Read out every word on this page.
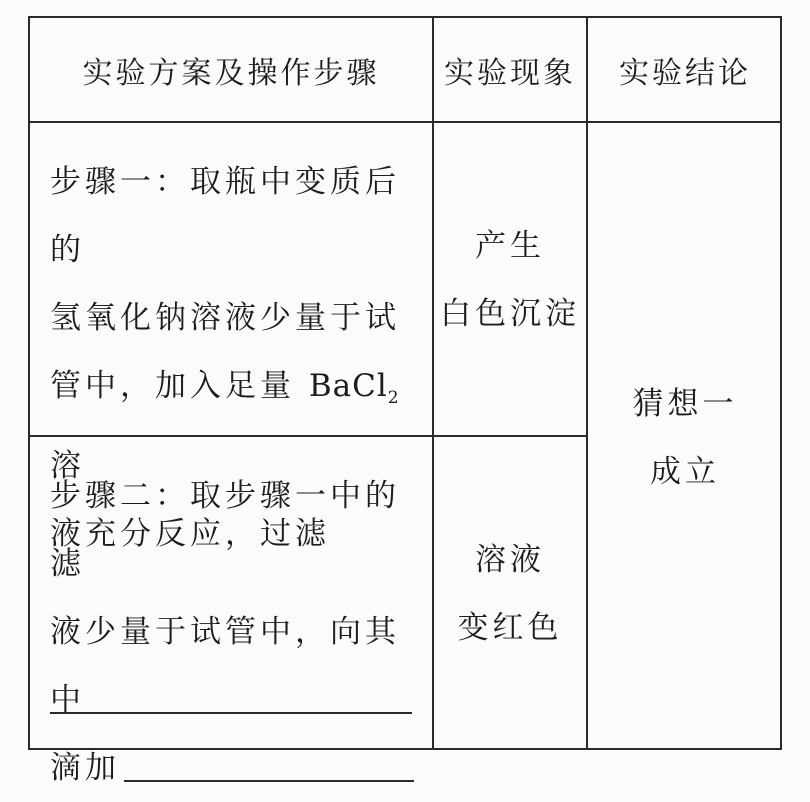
实验方案及操作步骤	实验现象	实验结论
步骤一：取瓶中变质后的
氢氧化钠溶液少量于试
管中，加入足量 BaCl$_2$ 溶
液充分反应，过滤
产生
白色沉淀
步骤二：取步骤一中的滤
液少量于试管中，向其中
滴加
溶液
变红色
猜想一
成立
